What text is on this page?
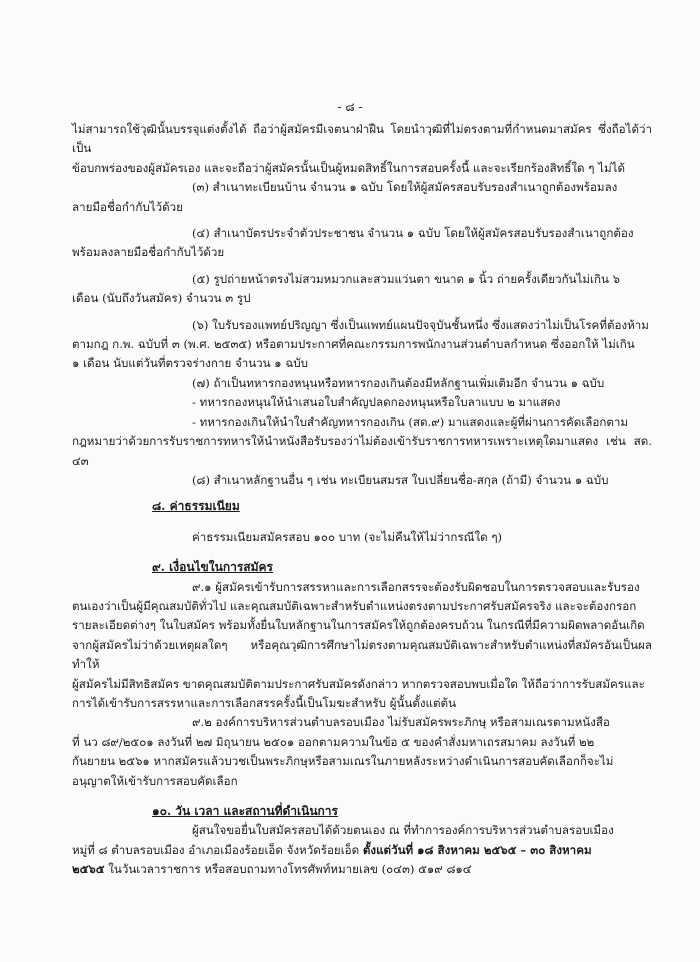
- ๘ -

ไม่สามารถใช้วุฒินั้นบรรจุแต่งตั้งได้ ถือว่าผู้สมัครมีเจตนาฝ่าฝืน โดยนำวุฒิที่ไม่ตรงตามที่กำหนดมาสมัคร ซึ่งถือได้ว่าเป็น

ข้อบกพร่องของผู้สมัครเอง และจะถือว่าผู้สมัครนั้นเป็นผู้หมดสิทธิ์ในการสอบครั้งนี้ และจะเรียกร้องสิทธิ์ใด ๆ ไม่ได้

(๓) สำเนาทะเบียนบ้าน จำนวน ๑ ฉบับ โดยให้ผู้สมัครสอบรับรองสำเนาถูกต้องพร้อมลง

ลายมือชื่อกำกับไว้ด้วย

(๔) สำเนาบัตรประจำตัวประชาชน จำนวน ๑ ฉบับ โดยให้ผู้สมัครสอบรับรองสำเนาถูกต้อง

พร้อมลงลายมือชื่อกำกับไว้ด้วย

(๕) รูปถ่ายหน้าตรงไม่สวมหมวกและสวมแว่นตา ขนาด ๑ นิ้ว ถ่ายครั้งเดียวกันไม่เกิน ๖

เดือน (นับถึงวันสมัคร) จำนวน ๓ รูป

(๖) ใบรับรองแพทย์ปริญญา ซึ่งเป็นแพทย์แผนปัจจุบันชั้นหนึ่ง ซึ่งแสดงว่าไม่เป็นโรคที่ต้องห้าม

ตามกฎ ก.พ. ฉบับที่ ๓ (พ.ศ. ๒๕๓๕) หรือตามประกาศที่คณะกรรมการพนักงานส่วนตำบลกำหนด ซึ่งออกให้ ไม่เกิน

๑ เดือน นับแต่วันที่ตรวจร่างกาย จำนวน ๑ ฉบับ

(๗) ถ้าเป็นทหารกองหนุนหรือทหารกองเกินต้องมีหลักฐานเพิ่มเติมอีก จำนวน ๑ ฉบับ

- ทหารกองหนุนให้นำเสนอใบสำคัญปลดกองหนุนหรือใบลาแบบ ๒ มาแสดง

- ทหารกองเกินให้นำใบสำคัญทหารกองเกิน (สด.๙) มาแสดงและผู้ที่ผ่านการคัดเลือกตาม

กฎหมายว่าด้วยการรับราชการทหารให้นำหนังสือรับรองว่าไม่ต้องเข้ารับราชการทหารเพราะเหตุใดมาแสดง เช่น สด. ๔๓

(๘) สำเนาหลักฐานอื่น ๆ เช่น ทะเบียนสมรส ใบเปลี่ยนชื่อ-สกุล (ถ้ามี) จำนวน ๑ ฉบับ

๘. ค่าธรรมเนียม

ค่าธรรมเนียมสมัครสอบ ๑๐๐ บาท (จะไม่คืนให้ไม่ว่ากรณีใด ๆ)

๙. เงื่อนไขในการสมัคร

๙.๑ ผู้สมัครเข้ารับการสรรหาและการเลือกสรรจะต้องรับผิดชอบในการตรวจสอบและรับรอง

ตนเองว่าเป็นผู้มีคุณสมบัติทั่วไป และคุณสมบัติเฉพาะสำหรับตำแหน่งตรงตามประกาศรับสมัครจริง และจะต้องกรอก

รายละเอียดต่างๆ ในใบสมัคร พร้อมทั้งยื่นใบหลักฐานในการสมัครให้ถูกต้องครบถ้วน ในกรณีที่มีความผิดพลาดอันเกิด

จากผู้สมัครไม่ว่าด้วยเหตุผลใดๆ หรือคุณวุฒิการศึกษาไม่ตรงตามคุณสมบัติเฉพาะสำหรับตำแหน่งที่สมัครอันเป็นผลทำให้

ผู้สมัครไม่มีสิทธิสมัคร ขาดคุณสมบัติตามประกาศรับสมัครดังกล่าว หากตรวจสอบพบเมื่อใด ให้ถือว่าการรับสมัครและ

การได้เข้ารับการสรรหาและการเลือกสรรครั้งนี้เป็นโมฆะสำหรับ ผู้นั้นตั้งแต่ต้น

๙.๒ องค์การบริหารส่วนตำบลรอบเมือง ไม่รับสมัครพระภิกษุ หรือสามเณรตามหนังสือ

ที่ นว ๘๙/๒๕๐๑ ลงวันที่ ๒๗ มิถุนายน ๒๕๐๑ ออกตามความในข้อ ๕ ของคำสั่งมหาเถรสมาคม ลงวันที่ ๒๒

กันยายน ๒๕๖๑ หากสมัครแล้วบวชเป็นพระภิกษุหรือสามเณรในภายหลังระหว่างดำเนินการสอบคัดเลือกก็จะไม่

อนุญาตให้เข้ารับการสอบคัดเลือก

๑๐. วัน เวลา และสถานที่ดำเนินการ

ผู้สนใจขอยื่นใบสมัครสอบได้ด้วยตนเอง ณ ที่ทำการองค์การบริหารส่วนตำบลรอบเมือง

หมู่ที่ ๘ ตำบลรอบเมือง อำเภอเมืองร้อยเอ็ด จังหวัดร้อยเอ็ด ตั้งแต่วันที่ ๑๘ สิงหาคม ๒๕๖๕ – ๓๐ สิงหาคม

๒๕๖๕ ในวันเวลาราชการ หรือสอบถามทางโทรศัพท์หมายเลข (๐๔๓) ๕๑๙ ๘๑๔
